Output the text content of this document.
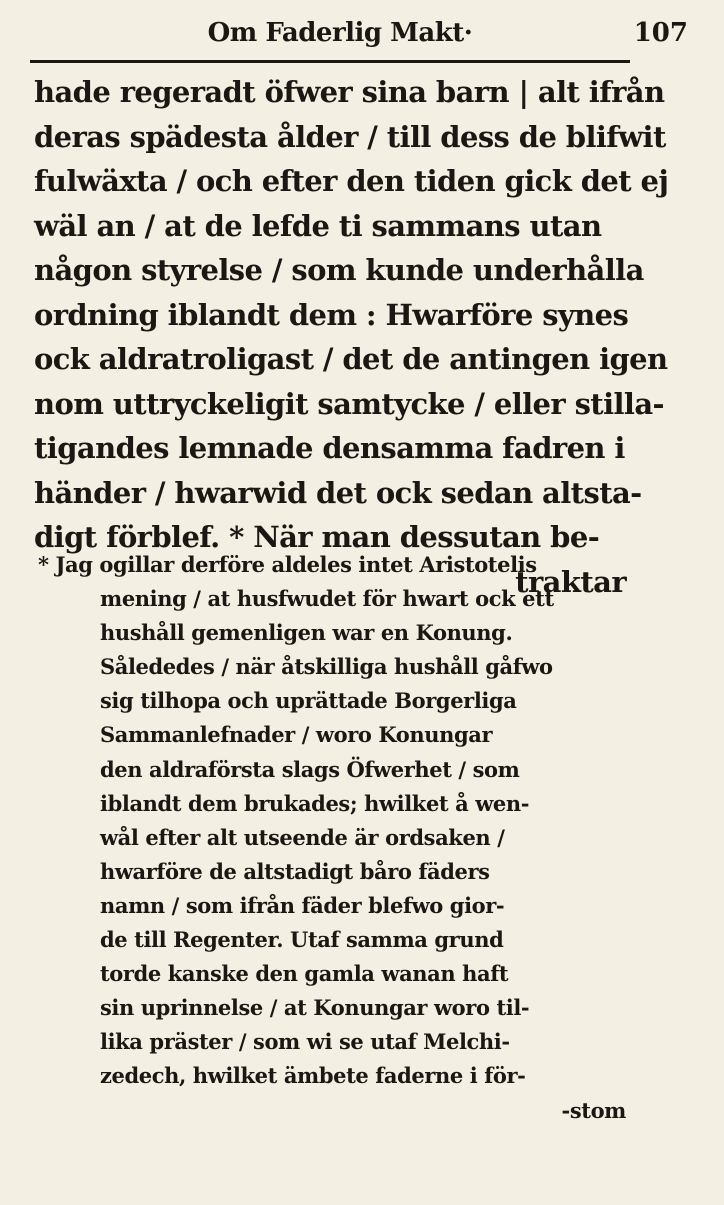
Om Faderlig Makt·	107
hade regeradt öfwer sina barn | alt ifrån
deras spädesta ålder / till dess de blifwit
fulwäxta / och efter den tiden gick det ej
wäl an / at de lefde ti sammans utan
någon styrelse / som kunde underhålla
ordning iblandt dem : Hwarföre synes
ock aldratroligast / det de antingen igen
nom uttryckeligit samtycke / eller stilla-
tigandes lemnade densamma fadren i
händer / hwarwid det ock sedan altsta-
digt förblef. * När man dessutan be-
traktar
* Jag ogillar derföre aldeles intet Aristotelis
mening / at husfwudet för hwart ock ett
hushåll gemenligen war en Konung.
Sålededes / när åtskilliga hushåll gåfwo
sig tilhopa och uprättade Borgerliga
Sammanlefnader / woro Konungar
den aldraförsta slags Öfwerhet / som
iblandt dem brukades; hwilket å wen-
wål efter alt utseende är ordsaken /
hwarföre de altstadigt båro fäders
namn / som ifrån fäder blefwo gior-
de till Regenter. Utaf samma grund
torde kanske den gamla wanan haft
sin uprinnelse / at Konungar woro til-
lika präster / som wi se utaf Melchi-
zedech, hwilket ämbete faderne i för-
-stom
